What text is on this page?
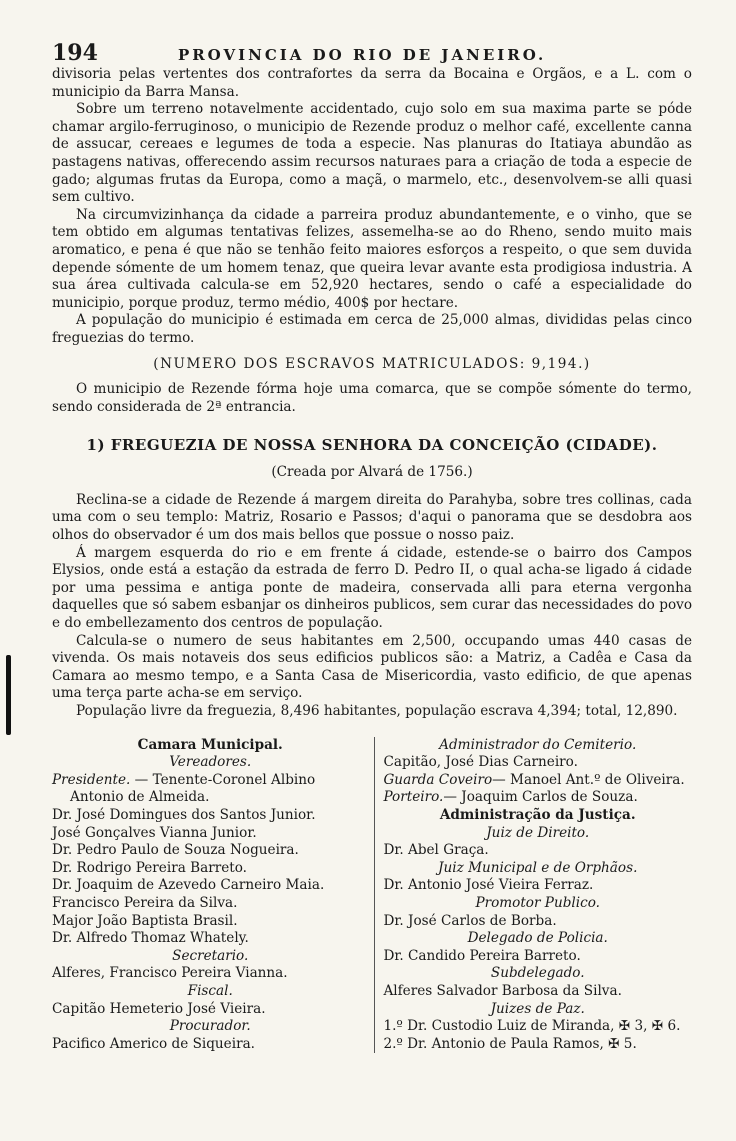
194	PROVINCIA DO RIO DE JANEIRO.

divisoria pelas vertentes dos contrafortes da serra da Bocaina e Orgãos, e a L. com o municipio da Barra Mansa.

Sobre um terreno notavelmente accidentado, cujo solo em sua maxima parte se póde chamar argilo-ferruginoso, o municipio de Rezende produz o melhor café, excellente canna de assucar, cereaes e legumes de toda a especie. Nas planuras do Itatiaya abundão as pastagens nativas, offerecendo assim recursos naturaes para a criação de toda a especie de gado; algumas frutas da Europa, como a maçã, o marmelo, etc., desenvolvem-se alli quasi sem cultivo.

Na circumvizinhança da cidade a parreira produz abundantemente, e o vinho, que se tem obtido em algumas tentativas felizes, assemelha-se ao do Rheno, sendo muito mais aromatico, e pena é que não se tenhão feito maiores esforços a respeito, o que sem duvida depende sómente de um homem tenaz, que queira levar avante esta prodigiosa industria. A sua área cultivada calcula-se em 52,920 hectares, sendo o café a especialidade do municipio, porque produz, termo médio, 400$ por hectare.

A população do municipio é estimada em cerca de 25,000 almas, divididas pelas cinco freguezias do termo.

(NUMERO DOS ESCRAVOS MATRICULADOS: 9,194.)

O municipio de Rezende fórma hoje uma comarca, que se compõe sómente do termo, sendo considerada de 2ª entrancia.

1) FREGUEZIA DE NOSSA SENHORA DA CONCEIÇÃO (CIDADE).

(Creada por Alvará de 1756.)

Reclina-se a cidade de Rezende á margem direita do Parahyba, sobre tres collinas, cada uma com o seu templo: Matriz, Rosario e Passos; d'aqui o panorama que se desdobra aos olhos do observador é um dos mais bellos que possue o nosso paiz.

Á margem esquerda do rio e em frente á cidade, estende-se o bairro dos Campos Elysios, onde está a estação da estrada de ferro D. Pedro II, o qual acha-se ligado á cidade por uma pessima e antiga ponte de madeira, conservada alli para eterna vergonha daquelles que só sabem esbanjar os dinheiros publicos, sem curar das necessidades do povo e do embellezamento dos centros de população.

Calcula-se o numero de seus habitantes em 2,500, occupando umas 440 casas de vivenda. Os mais notaveis dos seus edificios publicos são: a Matriz, a Cadêa e Casa da Camara ao mesmo tempo, e a Santa Casa de Misericordia, vasto edificio, de que apenas uma terça parte acha-se em serviço.

População livre da freguezia, 8,496 habitantes, população escrava 4,394; total, 12,890.

Camara Municipal.
Vereadores.
Presidente. — Tenente-Coronel Albino Antonio de Almeida.
Dr. José Domingues dos Santos Junior.
José Gonçalves Vianna Junior.
Dr. Pedro Paulo de Souza Nogueira.
Dr. Rodrigo Pereira Barreto.
Dr. Joaquim de Azevedo Carneiro Maia.
Francisco Pereira da Silva.
Major João Baptista Brasil.
Dr. Alfredo Thomaz Whately.
Secretario.
Alferes, Francisco Pereira Vianna.
Fiscal.
Capitão Hemeterio José Vieira.
Procurador.
Pacifico Americo de Siqueira.
Administrador do Cemiterio.
Capitão, José Dias Carneiro.
Guarda Coveiro— Manoel Ant.º de Oliveira.
Porteiro.— Joaquim Carlos de Souza.
Administração da Justiça.
Juiz de Direito.
Dr. Abel Graça.
Juiz Municipal e de Orphãos.
Dr. Antonio José Vieira Ferraz.
Promotor Publico.
Dr. José Carlos de Borba.
Delegado de Policia.
Dr. Candido Pereira Barreto.
Subdelegado.
Alferes Salvador Barbosa da Silva.
Juizes de Paz.
1.º Dr. Custodio Luiz de Miranda, ✠ 3, ✠ 6.
2.º Dr. Antonio de Paula Ramos, ✠ 5.
